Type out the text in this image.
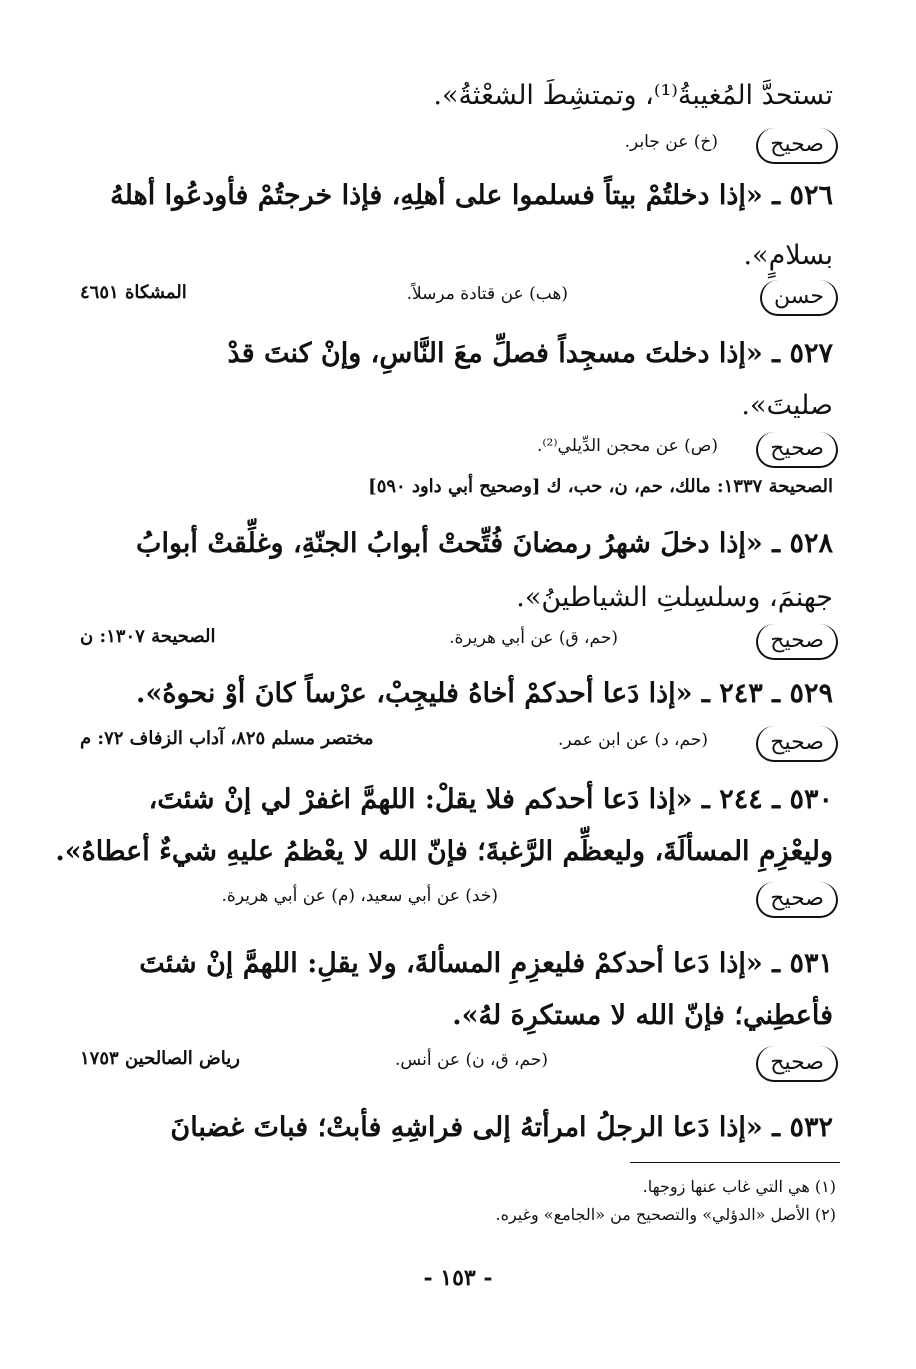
تستحدَّ المُغيبةُ⁽¹⁾، وتمتشِطَ الشعْثةُ».
صحيح
(خ) عن جابر.
٥٢٦ ـ «إذا دخلتُمْ بيتاً فسلموا على أهلِهِ، فإذا خرجتُمْ فأودعُوا أهلهُ
بسلامٍ».
حسن
(هب) عن قتادة مرسلاً.
المشكاة ٤٦٥١
٥٢٧ ـ «إذا دخلتَ مسجِداً فصلِّ معَ النَّاسِ، وإنْ كنتَ قدْ
صليتَ».
صحيح
(ص) عن محجن الدِّيلي⁽²⁾.
الصحيحة ١٣٣٧: مالك، حم، ن، حب، ك [وصحيح أبي داود ٥٩٠]
٥٢٨ ـ «إذا دخلَ شهرُ رمضانَ فُتِّحتْ أبوابُ الجنّةِ، وغلِّقتْ أبوابُ
جهنمَ، وسلسِلتِ الشياطينُ».
صحيح
(حم، ق) عن أبي هريرة.
الصحيحة ١٣٠٧: ن
٥٢٩ ـ ٢٤٣ ـ «إذا دَعا أحدكمْ أخاهُ فليجِبْ، عرْساً كانَ أوْ نحوهُ».
صحيح
(حم، د) عن ابن عمر.
مختصر مسلم ٨٢٥، آداب الزفاف ٧٢: م
٥٣٠ ـ ٢٤٤ ـ «إذا دَعا أحدكم فلا يقلْ: اللهمَّ اغفرْ لي إنْ شئتَ،
وليعْزِمِ المسألَةَ، وليعظِّم الرَّغبةَ؛ فإنّ الله لا يعْظمُ عليهِ شيءٌ أعطاهُ».
صحيح
(خد) عن أبي سعيد، (م) عن أبي هريرة.
٥٣١ ـ «إذا دَعا أحدكمْ فليعزِمِ المسألةَ، ولا يقلِ: اللهمَّ إنْ شئتَ
فأعطِني؛ فإنّ الله لا مستكرِهَ لهُ».
صحيح
(حم، ق، ن) عن أنس.
رياض الصالحين ١٧٥٣
٥٣٢ ـ «إذا دَعا الرجلُ امرأتهُ إلى فراشِهِ فأبتْ؛ فباتَ غضبانَ
(١) هي التي غاب عنها زوجها.
(٢) الأصل «الدؤلي» والتصحيح من «الجامع» وغيره.
- ١٥٣ -
